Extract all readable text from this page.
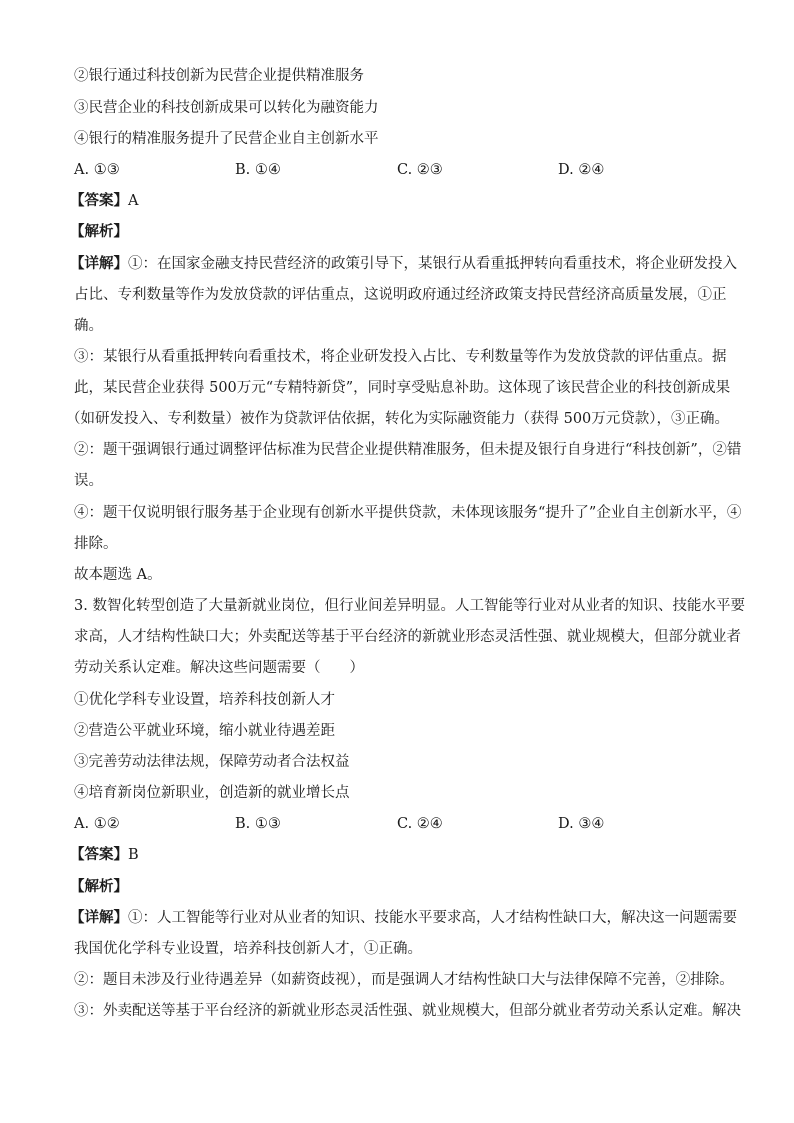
②银行通过科技创新为民营企业提供精准服务
③民营企业的科技创新成果可以转化为融资能力
④银行的精准服务提升了民营企业自主创新水平
A. ①③	B. ①④	C. ②③	D. ②④
【答案】A
【解析】
【详解】①：在国家金融支持民营经济的政策引导下，某银行从看重抵押转向看重技术，将企业研发投入
占比、专利数量等作为发放贷款的评估重点，这说明政府通过经济政策支持民营经济高质量发展，①正
确。
③：某银行从看重抵押转向看重技术，将企业研发投入占比、专利数量等作为发放贷款的评估重点。据
此，某民营企业获得 500万元“专精特新贷”，同时享受贴息补助。这体现了该民营企业的科技创新成果
（如研发投入、专利数量）被作为贷款评估依据，转化为实际融资能力（获得 500万元贷款），③正确。
②：题干强调银行通过调整评估标准为民营企业提供精准服务，但未提及银行自身进行“科技创新”，②错
误。
④：题干仅说明银行服务基于企业现有创新水平提供贷款，未体现该服务“提升了”企业自主创新水平，④
排除。
故本题选 A。
3. 数智化转型创造了大量新就业岗位，但行业间差异明显。人工智能等行业对从业者的知识、技能水平要
求高，人才结构性缺口大；外卖配送等基于平台经济的新就业形态灵活性强、就业规模大，但部分就业者
劳动关系认定难。解决这些问题需要（　　）
①优化学科专业设置，培养科技创新人才
②营造公平就业环境，缩小就业待遇差距
③完善劳动法律法规，保障劳动者合法权益
④培育新岗位新职业，创造新的就业增长点
A. ①②	B. ①③	C. ②④	D. ③④
【答案】B
【解析】
【详解】①：人工智能等行业对从业者的知识、技能水平要求高，人才结构性缺口大，解决这一问题需要
我国优化学科专业设置，培养科技创新人才，①正确。
②：题目未涉及行业待遇差异（如薪资歧视），而是强调人才结构性缺口大与法律保障不完善，②排除。
③：外卖配送等基于平台经济的新就业形态灵活性强、就业规模大，但部分就业者劳动关系认定难。解决
